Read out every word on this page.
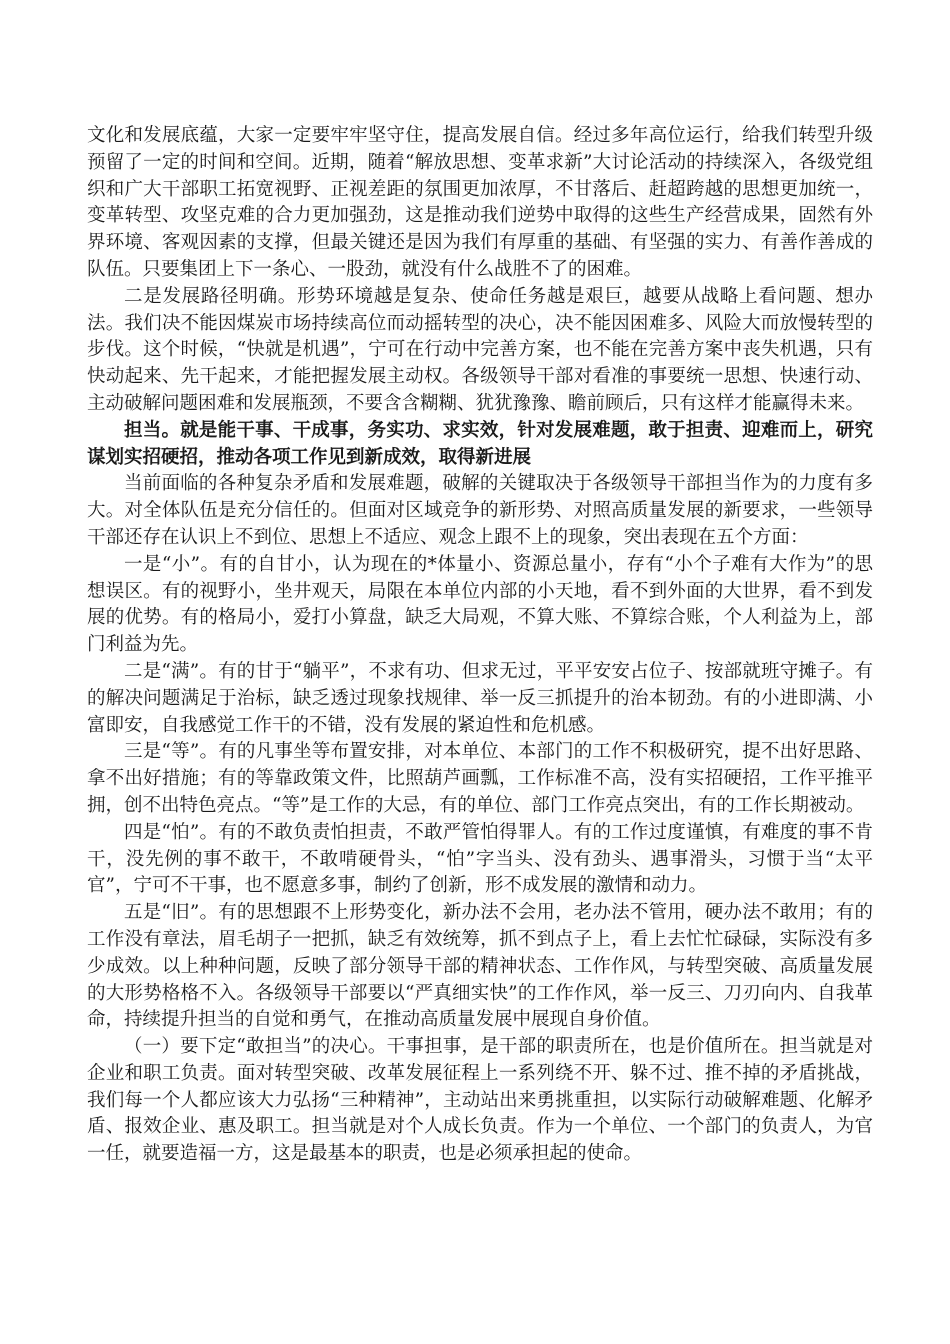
文化和发展底蕴，大家一定要牢牢坚守住，提高发展自信。经过多年高位运行，给我们转型升级预留了一定的时间和空间。近期，随着“解放思想、变革求新”大讨论活动的持续深入，各级党组织和广大干部职工拓宽视野、正视差距的氛围更加浓厚，不甘落后、赶超跨越的思想更加统一，变革转型、攻坚克难的合力更加强劲，这是推动我们逆势中取得的这些生产经营成果，固然有外界环境、客观因素的支撑，但最关键还是因为我们有厚重的基础、有坚强的实力、有善作善成的队伍。只要集团上下一条心、一股劲，就没有什么战胜不了的困难。

二是发展路径明确。形势环境越是复杂、使命任务越是艰巨，越要从战略上看问题、想办法。我们决不能因煤炭市场持续高位而动摇转型的决心，决不能因困难多、风险大而放慢转型的步伐。这个时候，“快就是机遇”，宁可在行动中完善方案，也不能在完善方案中丧失机遇，只有快动起来、先干起来，才能把握发展主动权。各级领导干部对看准的事要统一思想、快速行动、主动破解问题困难和发展瓶颈，不要含含糊糊、犹犹豫豫、瞻前顾后，只有这样才能赢得未来。

担当。就是能干事、干成事，务实功、求实效，针对发展难题，敢于担责、迎难而上，研究谋划实招硬招，推动各项工作见到新成效，取得新进展

当前面临的各种复杂矛盾和发展难题，破解的关键取决于各级领导干部担当作为的力度有多大。对全体队伍是充分信任的。但面对区域竞争的新形势、对照高质量发展的新要求，一些领导干部还存在认识上不到位、思想上不适应、观念上跟不上的现象，突出表现在五个方面：

一是“小”。有的自甘小，认为现在的*体量小、资源总量小，存有“小个子难有大作为”的思想误区。有的视野小，坐井观天，局限在本单位内部的小天地，看不到外面的大世界，看不到发展的优势。有的格局小，爱打小算盘，缺乏大局观，不算大账、不算综合账，个人利益为上，部门利益为先。

二是“满”。有的甘于“躺平”，不求有功、但求无过，平平安安占位子、按部就班守摊子。有的解决问题满足于治标，缺乏透过现象找规律、举一反三抓提升的治本韧劲。有的小进即满、小富即安，自我感觉工作干的不错，没有发展的紧迫性和危机感。

三是“等”。有的凡事坐等布置安排，对本单位、本部门的工作不积极研究，提不出好思路、拿不出好措施；有的等靠政策文件，比照葫芦画瓢，工作标准不高，没有实招硬招，工作平推平拥，创不出特色亮点。“等”是工作的大忌，有的单位、部门工作亮点突出，有的工作长期被动。

四是“怕”。有的不敢负责怕担责，不敢严管怕得罪人。有的工作过度谨慎，有难度的事不肯干，没先例的事不敢干，不敢啃硬骨头，“怕”字当头、没有劲头、遇事滑头，习惯于当“太平官”，宁可不干事，也不愿意多事，制约了创新，形不成发展的激情和动力。

五是“旧”。有的思想跟不上形势变化，新办法不会用，老办法不管用，硬办法不敢用；有的工作没有章法，眉毛胡子一把抓，缺乏有效统筹，抓不到点子上，看上去忙忙碌碌，实际没有多少成效。以上种种问题，反映了部分领导干部的精神状态、工作作风，与转型突破、高质量发展的大形势格格不入。各级领导干部要以“严真细实快”的工作作风，举一反三、刀刃向内、自我革命，持续提升担当的自觉和勇气，在推动高质量发展中展现自身价值。

（一）要下定“敢担当”的决心。干事担事，是干部的职责所在，也是价值所在。担当就是对企业和职工负责。面对转型突破、改革发展征程上一系列绕不开、躲不过、推不掉的矛盾挑战，我们每一个人都应该大力弘扬“三种精神”，主动站出来勇挑重担，以实际行动破解难题、化解矛盾、报效企业、惠及职工。担当就是对个人成长负责。作为一个单位、一个部门的负责人，为官一任，就要造福一方，这是最基本的职责，也是必须承担起的使命。
